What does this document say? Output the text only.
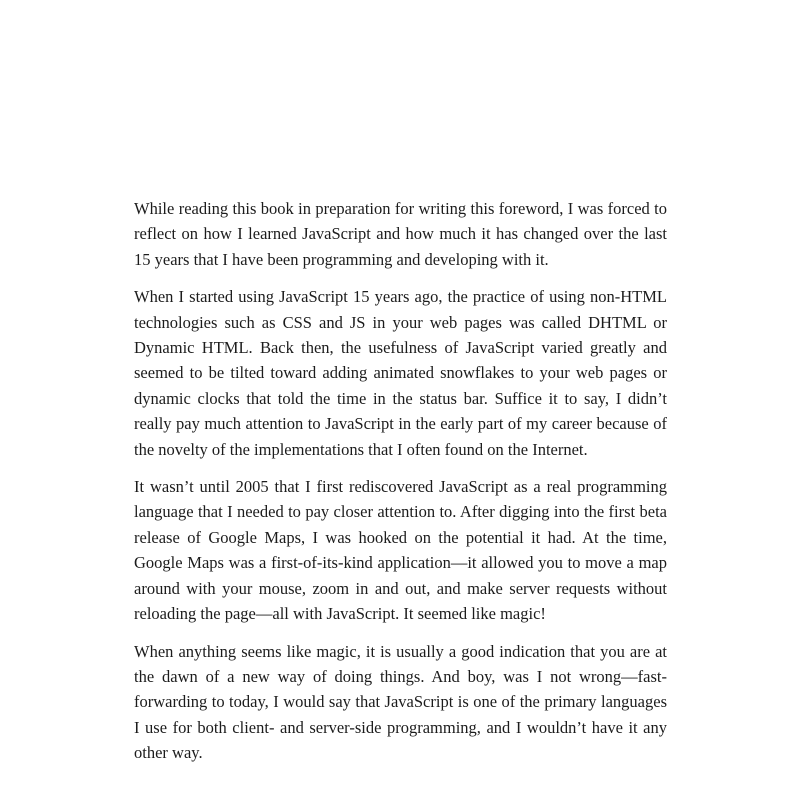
While reading this book in preparation for writing this foreword, I was forced to reflect on how I learned JavaScript and how much it has changed over the last 15 years that I have been programming and developing with it.

When I started using JavaScript 15 years ago, the practice of using non-HTML technologies such as CSS and JS in your web pages was called DHTML or Dynamic HTML. Back then, the usefulness of JavaScript varied greatly and seemed to be tilted toward adding animated snowflakes to your web pages or dynamic clocks that told the time in the status bar. Suffice it to say, I didn’t really pay much attention to JavaScript in the early part of my career because of the novelty of the implementations that I often found on the Internet.

It wasn’t until 2005 that I first rediscovered JavaScript as a real programming language that I needed to pay closer attention to. After digging into the first beta release of Google Maps, I was hooked on the potential it had. At the time, Google Maps was a first-of-its-kind application—it allowed you to move a map around with your mouse, zoom in and out, and make server requests without reloading the page—all with JavaScript. It seemed like magic!

When anything seems like magic, it is usually a good indication that you are at the dawn of a new way of doing things. And boy, was I not wrong—fast-forwarding to today, I would say that JavaScript is one of the primary languages I use for both client- and server-side programming, and I wouldn’t have it any other way.
